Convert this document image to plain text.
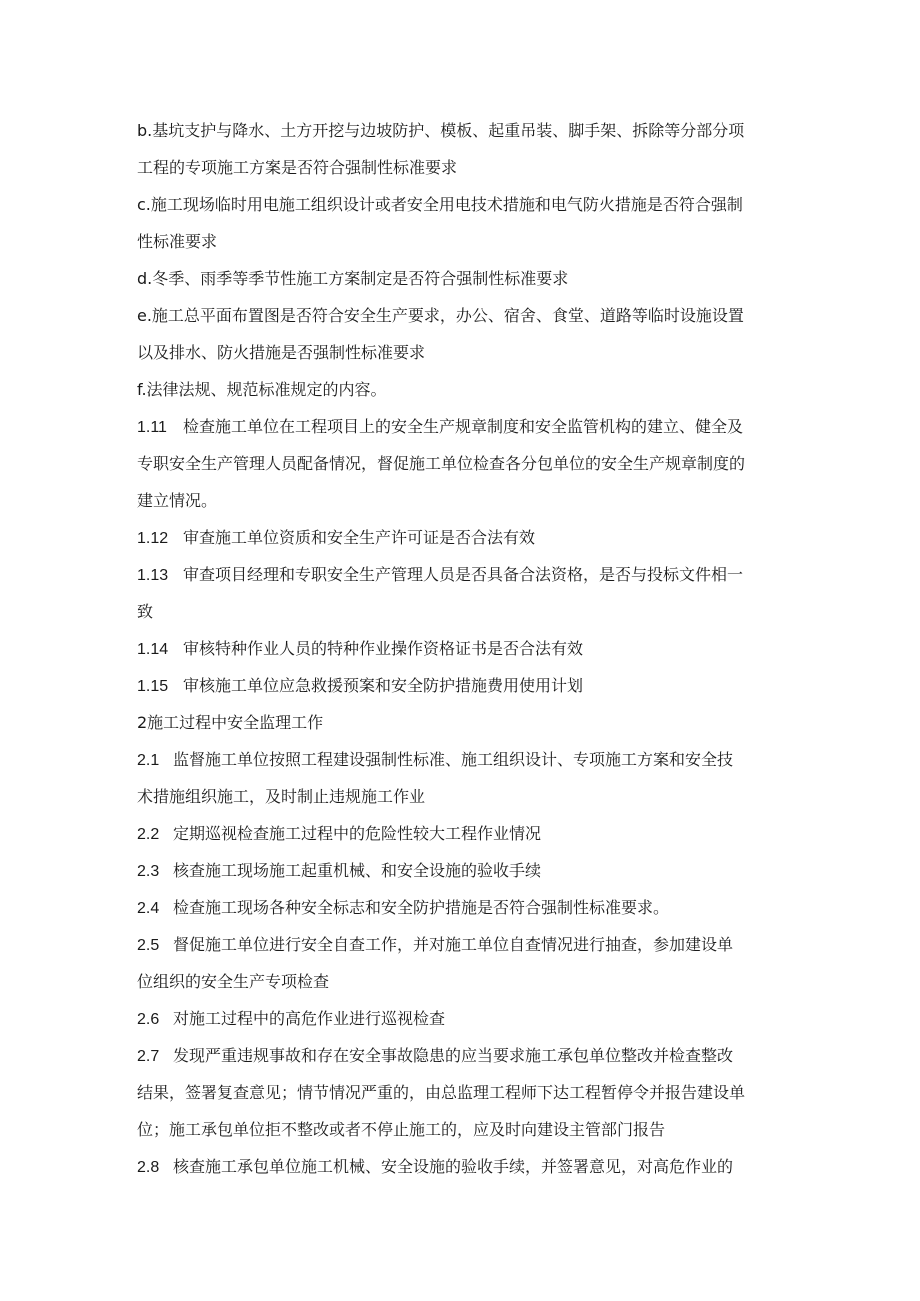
b.基坑支护与降水、土方开挖与边坡防护、模板、起重吊装、脚手架、拆除等分部分项
工程的专项施工方案是否符合强制性标准要求
c.施工现场临时用电施工组织设计或者安全用电技术措施和电气防火措施是否符合强制
性标准要求
d.冬季、雨季等季节性施工方案制定是否符合强制性标准要求
e.施工总平面布置图是否符合安全生产要求，办公、宿舍、食堂、道路等临时设施设置
以及排水、防火措施是否强制性标准要求
f.法律法规、规范标准规定的内容。
1.11 检查施工单位在工程项目上的安全生产规章制度和安全监管机构的建立、健全及
专职安全生产管理人员配备情况，督促施工单位检查各分包单位的安全生产规章制度的
建立情况。
1.12 审查施工单位资质和安全生产许可证是否合法有效
1.13 审查项目经理和专职安全生产管理人员是否具备合法资格，是否与投标文件相一
致
1.14 审核特种作业人员的特种作业操作资格证书是否合法有效
1.15 审核施工单位应急救援预案和安全防护措施费用使用计划
2施工过程中安全监理工作
2.1 监督施工单位按照工程建设强制性标准、施工组织设计、专项施工方案和安全技
术措施组织施工，及时制止违规施工作业
2.2 定期巡视检查施工过程中的危险性较大工程作业情况
2.3 核查施工现场施工起重机械、和安全设施的验收手续
2.4 检查施工现场各种安全标志和安全防护措施是否符合强制性标准要求。
2.5 督促施工单位进行安全自查工作，并对施工单位自查情况进行抽查，参加建设单
位组织的安全生产专项检查
2.6 对施工过程中的高危作业进行巡视检查
2.7 发现严重违规事故和存在安全事故隐患的应当要求施工承包单位整改并检查整改
结果，签署复查意见；情节情况严重的，由总监理工程师下达工程暂停令并报告建设单
位；施工承包单位拒不整改或者不停止施工的，应及时向建设主管部门报告
2.8 核查施工承包单位施工机械、安全设施的验收手续，并签署意见，对高危作业的
